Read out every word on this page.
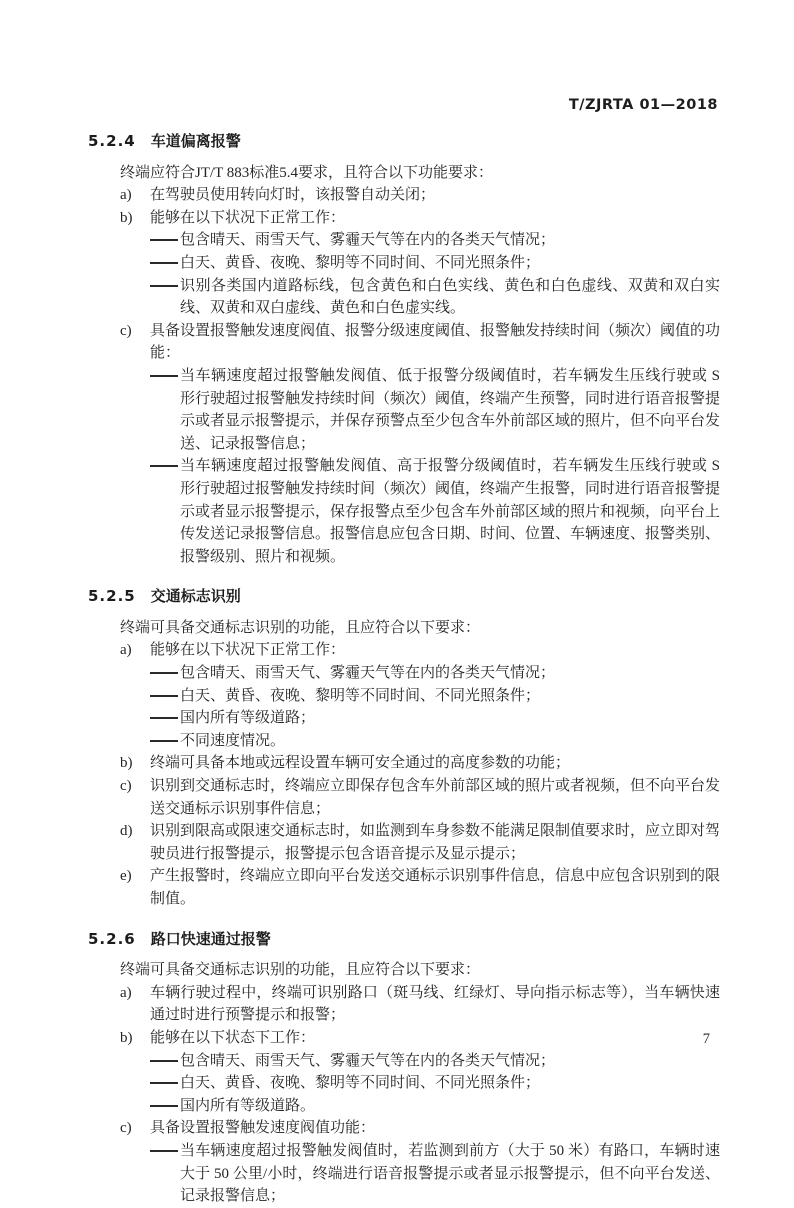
T/ZJRTA 01—2018
5.2.4 车道偏离报警

终端应符合JT/T 883标准5.4要求，且符合以下功能要求：

a) 在驾驶员使用转向灯时，该报警自动关闭；
b) 能够在以下状况下正常工作：
包含晴天、雨雪天气、雾霾天气等在内的各类天气情况；
白天、黄昏、夜晚、黎明等不同时间、不同光照条件；
识别各类国内道路标线，包含黄色和白色实线、黄色和白色虚线、双黄和双白实线、双黄和双白虚线、黄色和白色虚实线。
c) 具备设置报警触发速度阀值、报警分级速度阈值、报警触发持续时间（频次）阈值的功能：
当车辆速度超过报警触发阀值、低于报警分级阈值时，若车辆发生压线行驶或 S 形行驶超过报警触发持续时间（频次）阈值，终端产生预警，同时进行语音报警提示或者显示报警提示，并保存预警点至少包含车外前部区域的照片，但不向平台发送、记录报警信息；
当车辆速度超过报警触发阀值、高于报警分级阈值时，若车辆发生压线行驶或 S 形行驶超过报警触发持续时间（频次）阈值，终端产生报警，同时进行语音报警提示或者显示报警提示，保存报警点至少包含车外前部区域的照片和视频，向平台上传发送记录报警信息。报警信息应包含日期、时间、位置、车辆速度、报警类别、报警级别、照片和视频。
5.2.5 交通标志识别

终端可具备交通标志识别的功能，且应符合以下要求：

a) 能够在以下状况下正常工作：
包含晴天、雨雪天气、雾霾天气等在内的各类天气情况；
白天、黄昏、夜晚、黎明等不同时间、不同光照条件；
国内所有等级道路；
不同速度情况。
b) 终端可具备本地或远程设置车辆可安全通过的高度参数的功能；
c) 识别到交通标志时，终端应立即保存包含车外前部区域的照片或者视频，但不向平台发送交通标示识别事件信息；
d) 识别到限高或限速交通标志时，如监测到车身参数不能满足限制值要求时，应立即对驾驶员进行报警提示，报警提示包含语音提示及显示提示；
e) 产生报警时，终端应立即向平台发送交通标示识别事件信息，信息中应包含识别到的限制值。
5.2.6 路口快速通过报警

终端可具备交通标志识别的功能，且应符合以下要求：

a) 车辆行驶过程中，终端可识别路口（斑马线、红绿灯、导向指示标志等），当车辆快速通过时进行预警提示和报警；
b) 能够在以下状态下工作：
包含晴天、雨雪天气、雾霾天气等在内的各类天气情况；
白天、黄昏、夜晚、黎明等不同时间、不同光照条件；
国内所有等级道路。
c) 具备设置报警触发速度阀值功能：
当车辆速度超过报警触发阀值时，若监测到前方（大于 50 米）有路口，车辆时速大于 50 公里/小时，终端进行语音报警提示或者显示报警提示，但不向平台发送、记录报警信息；
7
